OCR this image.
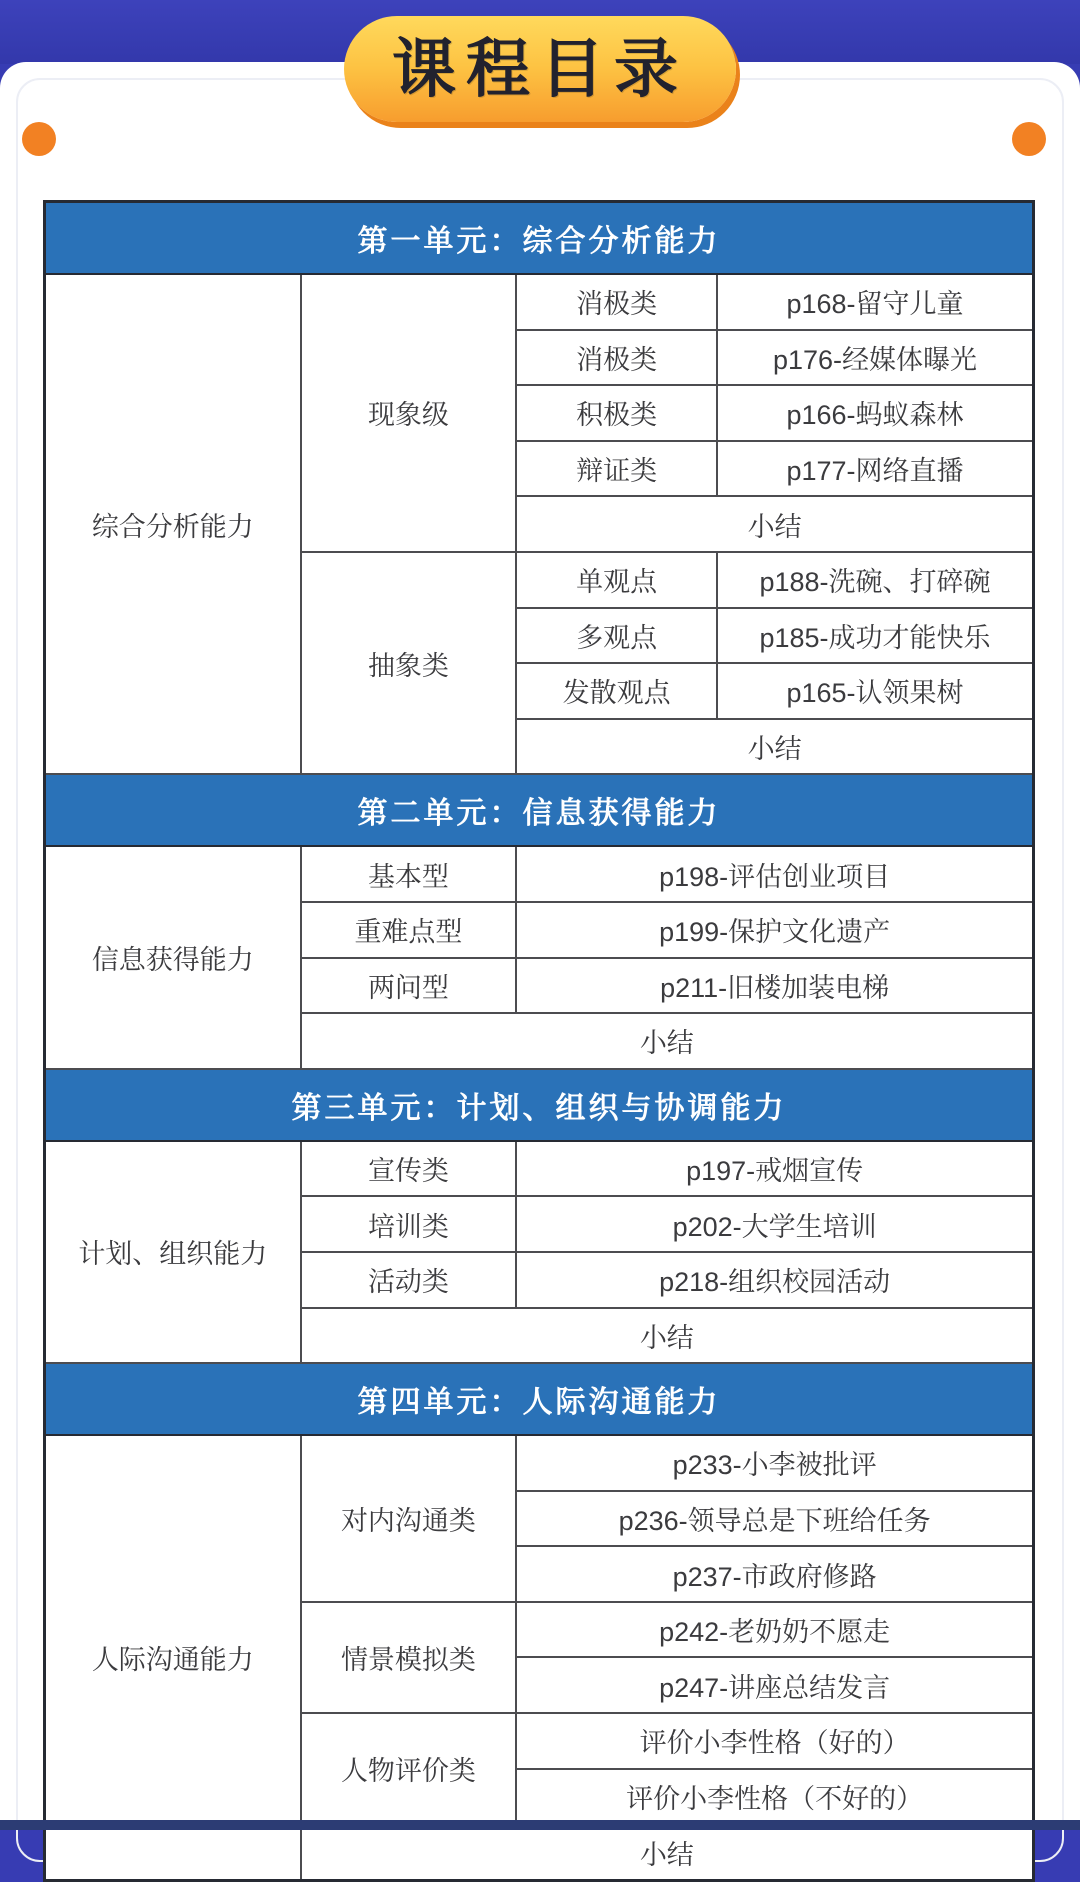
课程目录
第一单元：综合分析能力			
综合分析能力	现象级	消极类	p168-留守儿童
		消极类	p176-经媒体曝光
		积极类	p166-蚂蚁森林
		辩证类	p177-网络直播
		小结	
	抽象类	单观点	p188-洗碗、打碎碗
		多观点	p185-成功才能快乐
		发散观点	p165-认领果树
		小结	
第二单元：信息获得能力			
信息获得能力	基本型	p198-评估创业项目	
	重难点型	p199-保护文化遗产	
	两问型	p211-旧楼加装电梯	
	小结		
第三单元：计划、组织与协调能力			
计划、组织能力	宣传类	p197-戒烟宣传	
	培训类	p202-大学生培训	
	活动类	p218-组织校园活动	
	小结		
第四单元：人际沟通能力			
人际沟通能力	对内沟通类	p233-小李被批评	
		p236-领导总是下班给任务	
		p237-市政府修路	
	情景模拟类	p242-老奶奶不愿走	
		p247-讲座总结发言	
	人物评价类	评价小李性格（好的）	
		评价小李性格（不好的）	
	小结		
